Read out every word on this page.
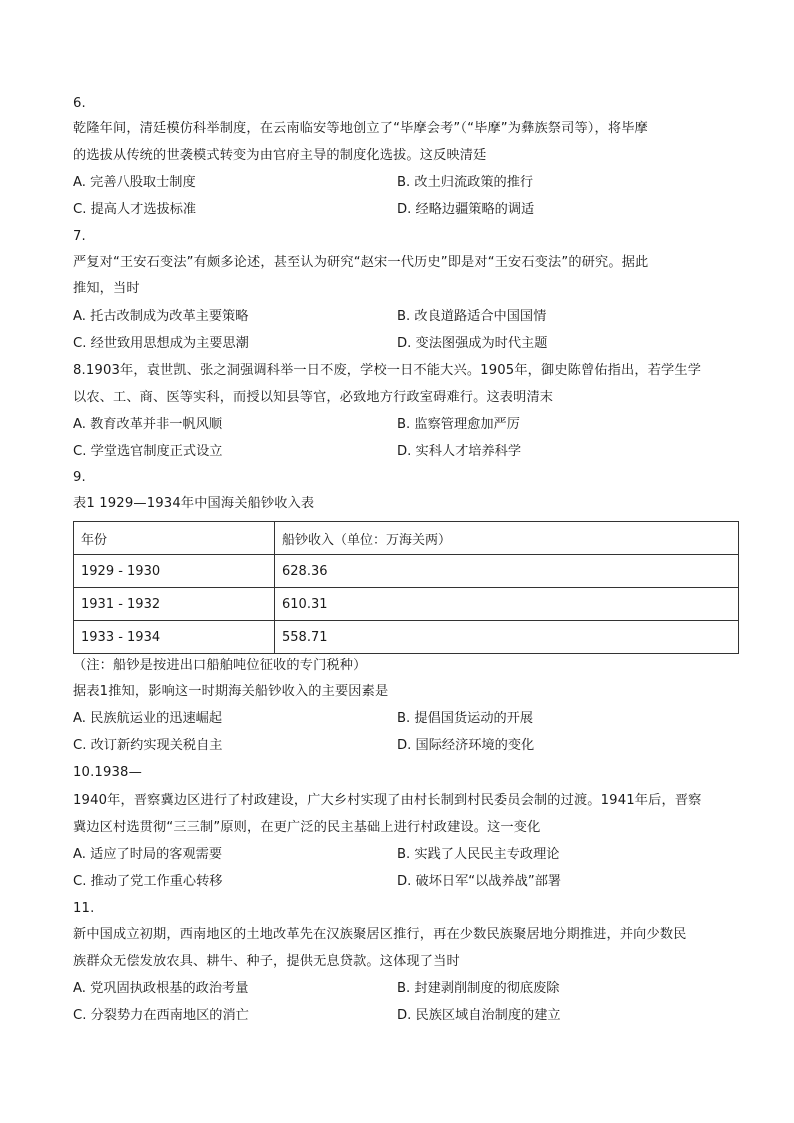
6.
乾隆年间，清廷模仿科举制度，在云南临安等地创立了“毕摩会考”（“毕摩”为彝族祭司等），将毕摩
的选拔从传统的世袭模式转变为由官府主导的制度化选拔。这反映清廷
A. 完善八股取士制度	B. 改土归流政策的推行
C. 提高人才选拔标准	D. 经略边疆策略的调适
7.
严复对“王安石变法”有颇多论述，甚至认为研究“赵宋一代历史”即是对“王安石变法”的研究。据此
推知，当时
A. 托古改制成为改革主要策略	B. 改良道路适合中国国情
C. 经世致用思想成为主要思潮	D. 变法图强成为时代主题
8.1903年，袁世凯、张之洞强调科举一日不废，学校一日不能大兴。1905年，御史陈曾佑指出，若学生学
以农、工、商、医等实科，而授以知县等官，必致地方行政室碍难行。这表明清末
A. 教育改革并非一帆风顺	B. 监察管理愈加严厉
C. 学堂选官制度正式设立	D. 实科人才培养科学
9.
表1 1929—1934年中国海关船钞收入表
年份	船钞收入（单位：万海关两）
1929 - 1930	628.36
1931 - 1932	610.31
1933 - 1934	558.71
（注：船钞是按进出口船舶吨位征收的专门税种）
据表1推知，影响这一时期海关船钞收入的主要因素是
A. 民族航运业的迅速崛起	B. 提倡国货运动的开展
C. 改订新约实现关税自主	D. 国际经济环境的变化
10.1938—
1940年，晋察冀边区进行了村政建设，广大乡村实现了由村长制到村民委员会制的过渡。1941年后，晋察
冀边区村选贯彻“三三制”原则，在更广泛的民主基础上进行村政建设。这一变化
A. 适应了时局的客观需要	B. 实践了人民民主专政理论
C. 推动了党工作重心转移	D. 破坏日军“以战养战”部署
11.
新中国成立初期，西南地区的土地改革先在汉族聚居区推行，再在少数民族聚居地分期推进，并向少数民
族群众无偿发放农具、耕牛、种子，提供无息贷款。这体现了当时
A. 党巩固执政根基的政治考量	B. 封建剥削制度的彻底废除
C. 分裂势力在西南地区的消亡	D. 民族区域自治制度的建立
